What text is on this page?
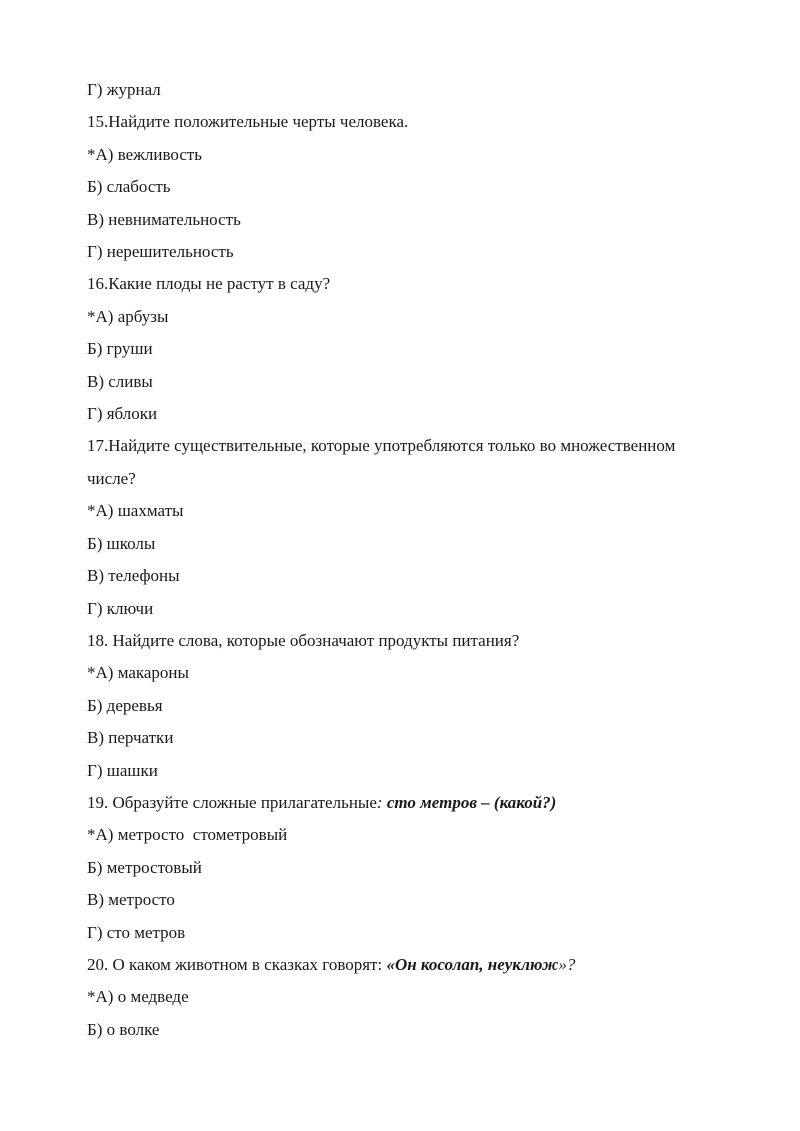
Г) журнал
15.Найдите положительные черты человека.
*А) вежливость
Б) слабость
В) невнимательность
Г) нерешительность
16.Какие плоды не растут в саду?
*А) арбузы
Б) груши
В) сливы
Г) яблоки
17.Найдите существительные, которые употребляются только во множественном
числе?
*А) шахматы
Б) школы
В) телефоны
Г) ключи
18. Найдите слова, которые обозначают продукты питания?
*А) макароны
Б) деревья
В) перчатки
Г) шашки
19. Образуйте сложные прилагательные: сто метров – (какой?)
*А) метросто  стометровый
Б) метростовый
В) метросто
Г) сто метров
20. О каком животном в сказках говорят: «Он косолап, неуклюж»?
*А) о медведе
Б) о волке
